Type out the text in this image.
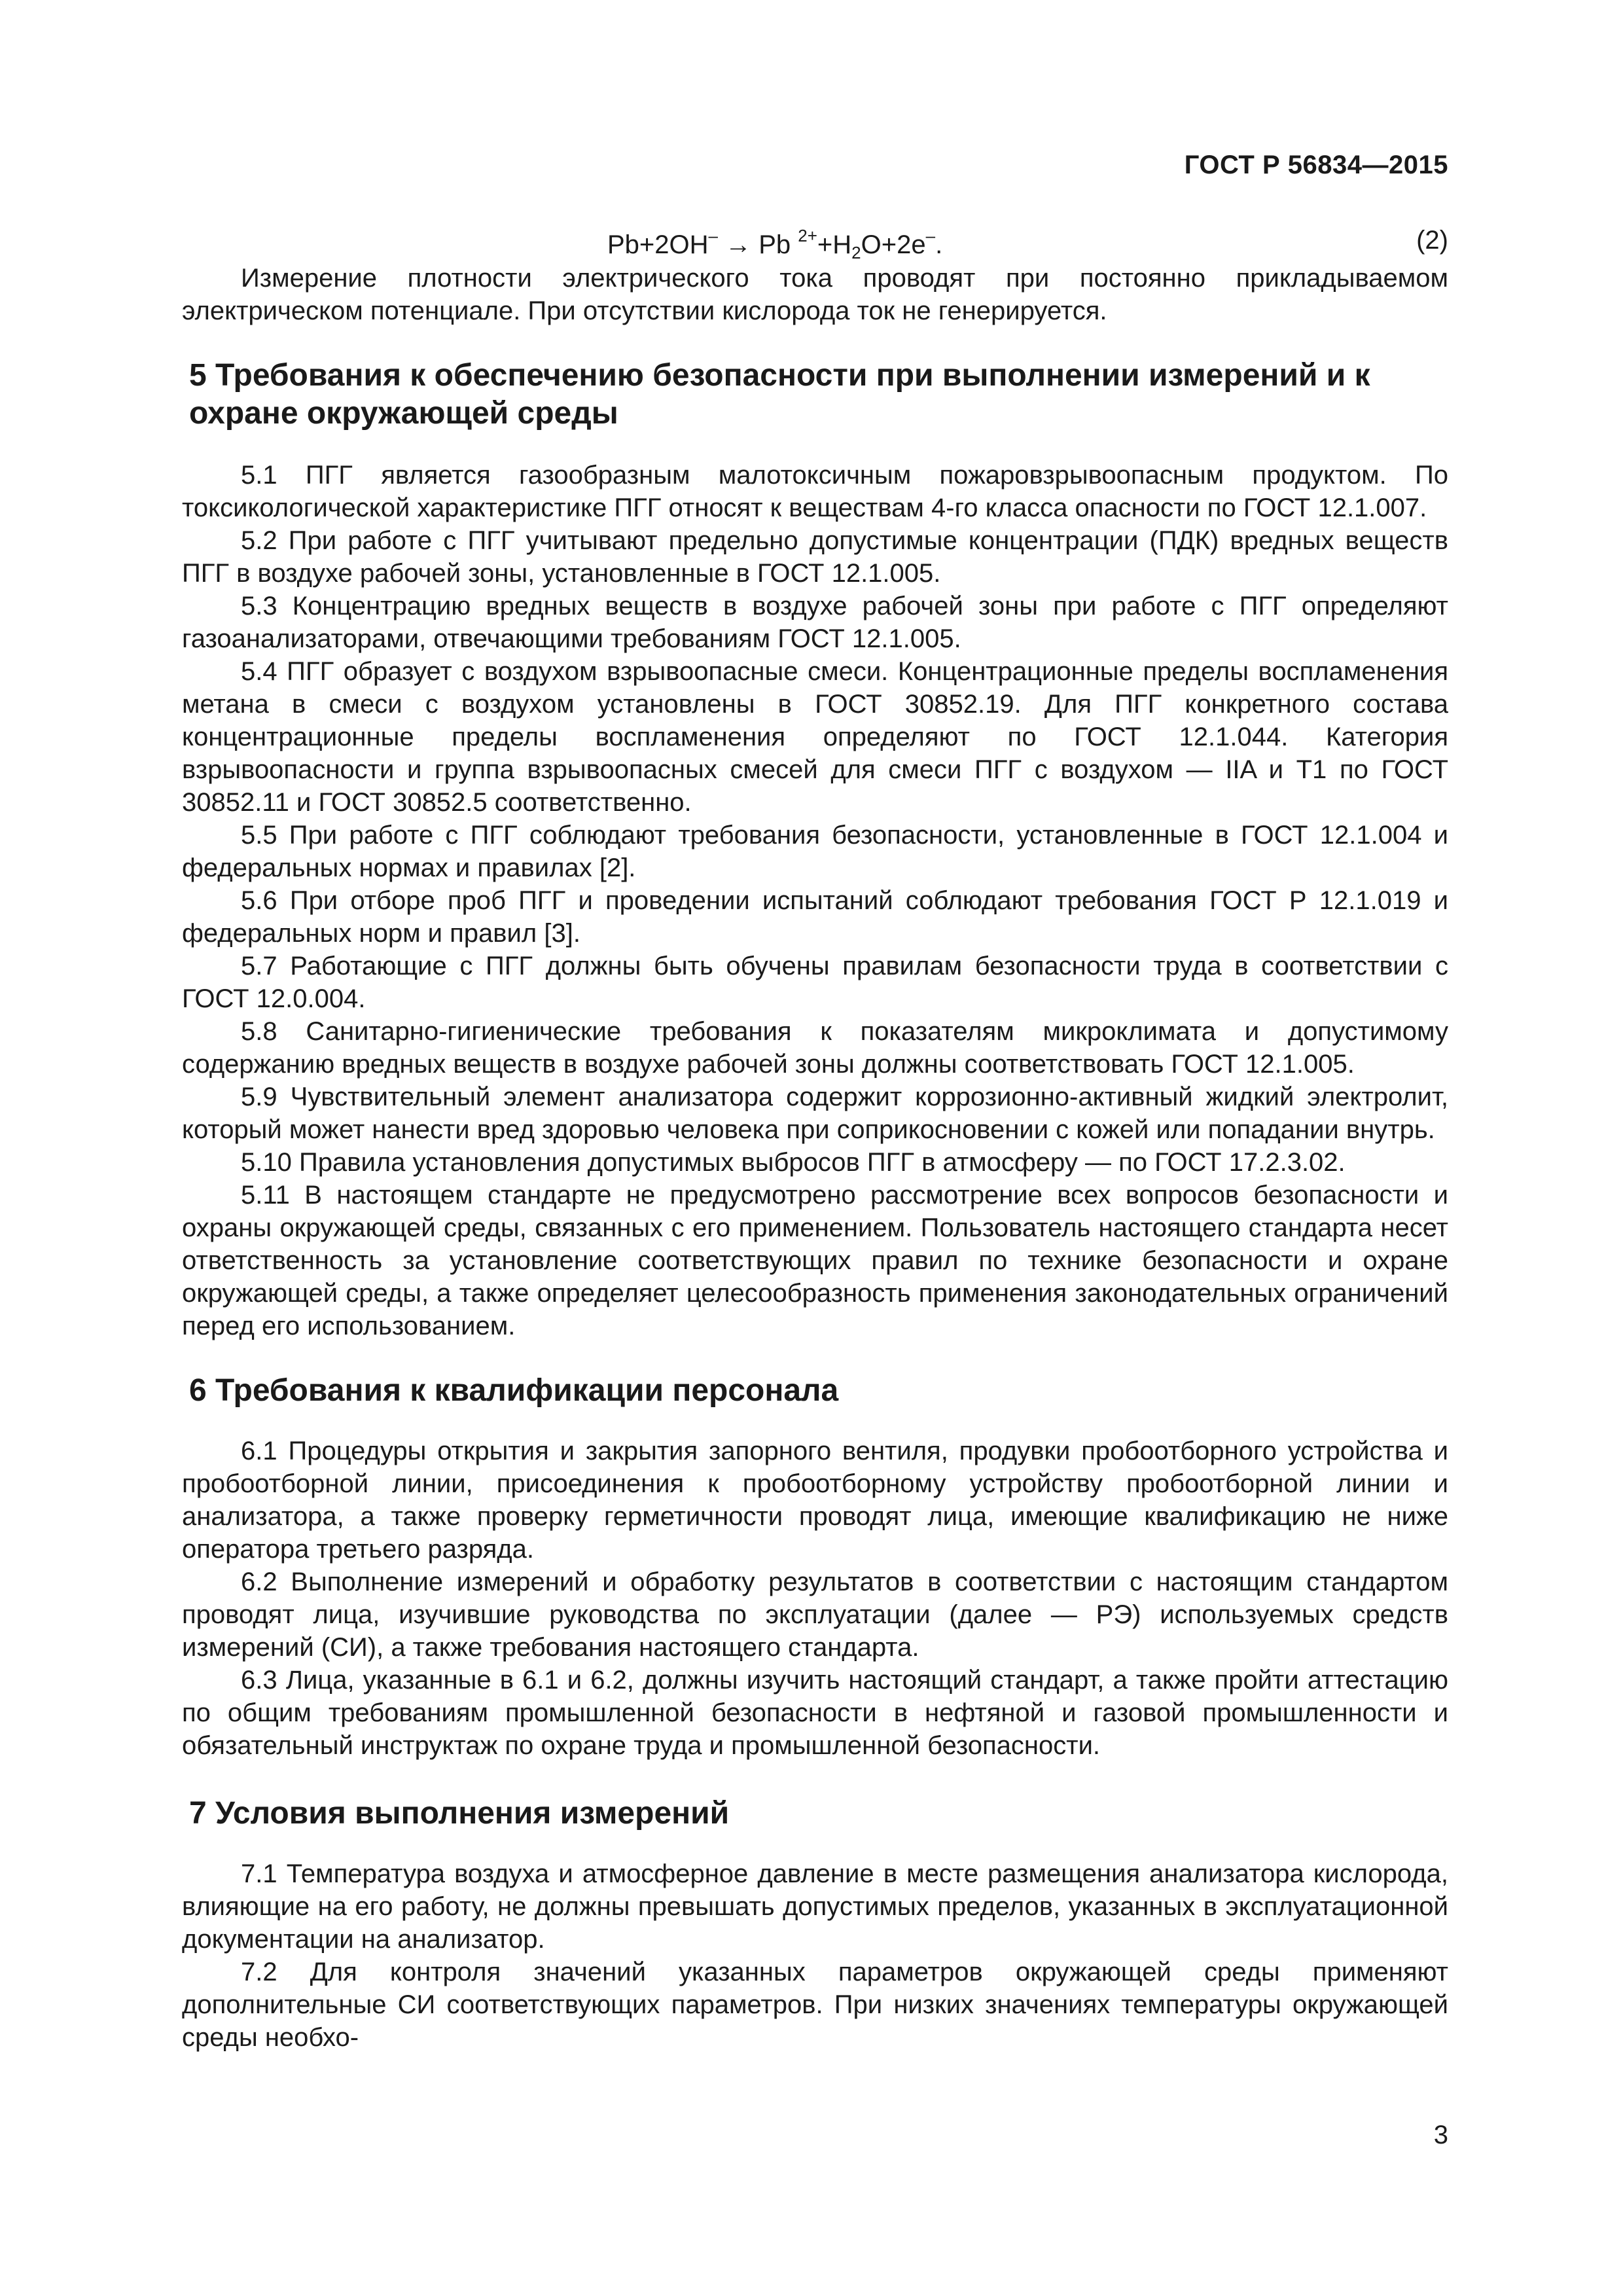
ГОСТ Р 56834—2015
Pb+2OH– → Pb $^{2+}+H_2O+2e^-$.	(2)

Измерение плотности электрического тока проводят при постоянно прикладываемом электрическом потенциале. При отсутствии кислорода ток не генерируется.

5 Требования к обеспечению безопасности при выполнении измерений и к охране окружающей среды

5.1 ПГГ является газообразным малотоксичным пожаровзрывоопасным продуктом. По токсикологической характеристике ПГГ относят к веществам 4-го класса опасности по ГОСТ 12.1.007.

5.2 При работе с ПГГ учитывают предельно допустимые концентрации (ПДК) вредных веществ ПГГ в воздухе рабочей зоны, установленные в ГОСТ 12.1.005.

5.3 Концентрацию вредных веществ в воздухе рабочей зоны при работе с ПГГ определяют газоанализаторами, отвечающими требованиям ГОСТ 12.1.005.

5.4 ПГГ образует с воздухом взрывоопасные смеси. Концентрационные пределы воспламенения метана в смеси с воздухом установлены в ГОСТ 30852.19. Для ПГГ конкретного состава концентрационные пределы воспламенения определяют по ГОСТ 12.1.044. Категория взрывоопасности и группа взрывоопасных смесей для смеси ПГГ с воздухом — IIA и T1 по ГОСТ 30852.11 и ГОСТ 30852.5 соответственно.

5.5 При работе с ПГГ соблюдают требования безопасности, установленные в ГОСТ 12.1.004 и федеральных нормах и правилах [2].

5.6 При отборе проб ПГГ и проведении испытаний соблюдают требования ГОСТ Р 12.1.019 и федеральных норм и правил [3].

5.7 Работающие с ПГГ должны быть обучены правилам безопасности труда в соответствии с ГОСТ 12.0.004.

5.8 Санитарно-гигиенические требования к показателям микроклимата и допустимому содержанию вредных веществ в воздухе рабочей зоны должны соответствовать ГОСТ 12.1.005.

5.9 Чувствительный элемент анализатора содержит коррозионно-активный жидкий электролит, который может нанести вред здоровью человека при соприкосновении с кожей или попадании внутрь.

5.10 Правила установления допустимых выбросов ПГГ в атмосферу — по ГОСТ 17.2.3.02.

5.11 В настоящем стандарте не предусмотрено рассмотрение всех вопросов безопасности и охраны окружающей среды, связанных с его применением. Пользователь настоящего стандарта несет ответственность за установление соответствующих правил по технике безопасности и охране окружающей среды, а также определяет целесообразность применения законодательных ограничений перед его использованием.

6 Требования к квалификации персонала

6.1 Процедуры открытия и закрытия запорного вентиля, продувки пробоотборного устройства и пробоотборной линии, присоединения к пробоотборному устройству пробоотборной линии и анализатора, а также проверку герметичности проводят лица, имеющие квалификацию не ниже оператора третьего разряда.

6.2 Выполнение измерений и обработку результатов в соответствии с настоящим стандартом проводят лица, изучившие руководства по эксплуатации (далее — РЭ) используемых средств измерений (СИ), а также требования настоящего стандарта.

6.3 Лица, указанные в 6.1 и 6.2, должны изучить настоящий стандарт, а также пройти аттестацию по общим требованиям промышленной безопасности в нефтяной и газовой промышленности и обязательный инструктаж по охране труда и промышленной безопасности.

7 Условия выполнения измерений

7.1 Температура воздуха и атмосферное давление в месте размещения анализатора кислорода, влияющие на его работу, не должны превышать допустимых пределов, указанных в эксплуатационной документации на анализатор.

7.2 Для контроля значений указанных параметров окружающей среды применяют дополнительные СИ соответствующих параметров. При низких значениях температуры окружающей среды необхо-

3
